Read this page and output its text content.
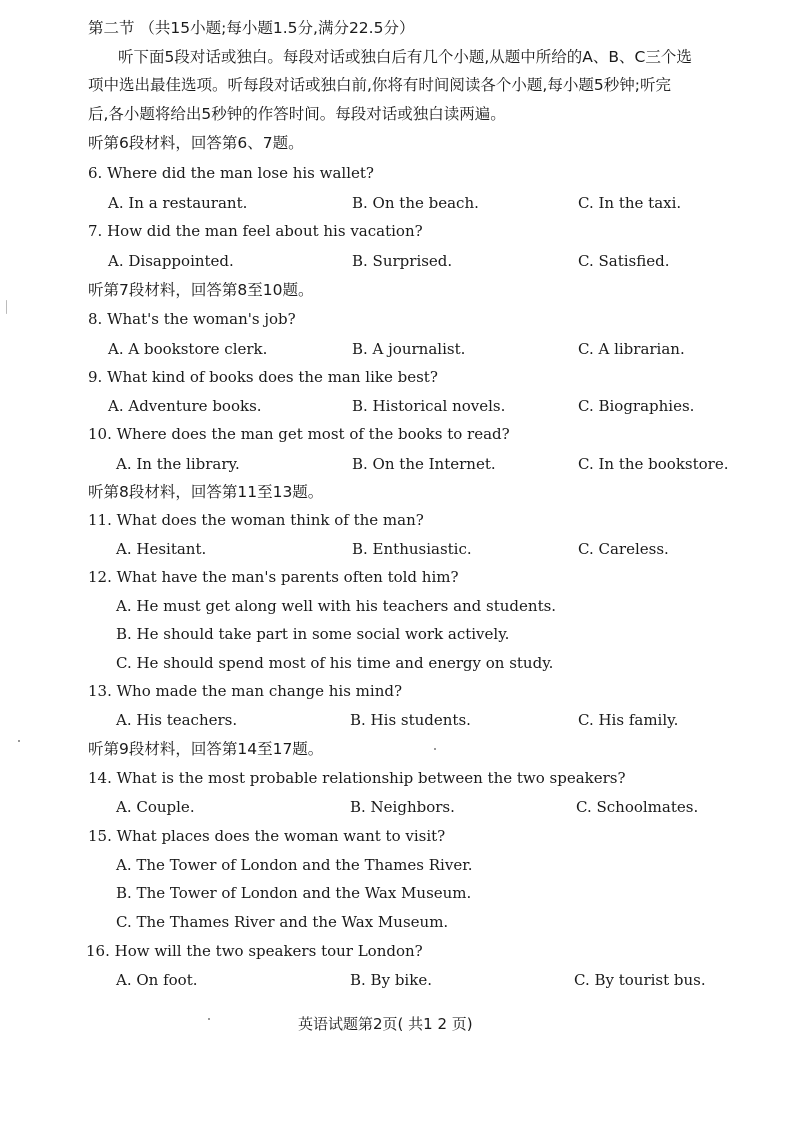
第二节 （共15小题;每小题1.5分,满分22.5分）
听下面5段对话或独白。每段对话或独白后有几个小题,从题中所给的A、B、C三个选
项中选出最佳选项。听每段对话或独白前,你将有时间阅读各个小题,每小题5秒钟;听完
后,各小题将给出5秒钟的作答时间。每段对话或独白读两遍。
听第6段材料，回答第6、7题。
6. Where did the man lose his wallet?
A. In a restaurant.	B. On the beach.	C. In the taxi.
7. How did the man feel about his vacation?
A. Disappointed.	B. Surprised.	C. Satisfied.
听第7段材料，回答第8至10题。
8. What's the woman's job?
A. A bookstore clerk.	B. A journalist.	C. A librarian.
9. What kind of books does the man like best?
A. Adventure books.	B. Historical novels.	C. Biographies.
10. Where does the man get most of the books to read?
A. In the library.	B. On the Internet.	C. In the bookstore.
听第8段材料，回答第11至13题。
11. What does the woman think of the man?
A. Hesitant.	B. Enthusiastic.	C. Careless.
12. What have the man's parents often told him?
A. He must get along well with his teachers and students.
B. He should take part in some social work actively.
C. He should spend most of his time and energy on study.
13. Who made the man change his mind?
A. His teachers.	B. His students.	C. His family.
听第9段材料，回答第14至17题。
14. What is the most probable relationship between the two speakers?
A. Couple.	B. Neighbors.	C. Schoolmates.
15. What places does the woman want to visit?
A. The Tower of London and the Thames River.
B. The Tower of London and the Wax Museum.
C. The Thames River and the Wax Museum.
16. How will the two speakers tour London?
A. On foot.	B. By bike.	C. By tourist bus.
英语试题第2页( 共1 2 页)
